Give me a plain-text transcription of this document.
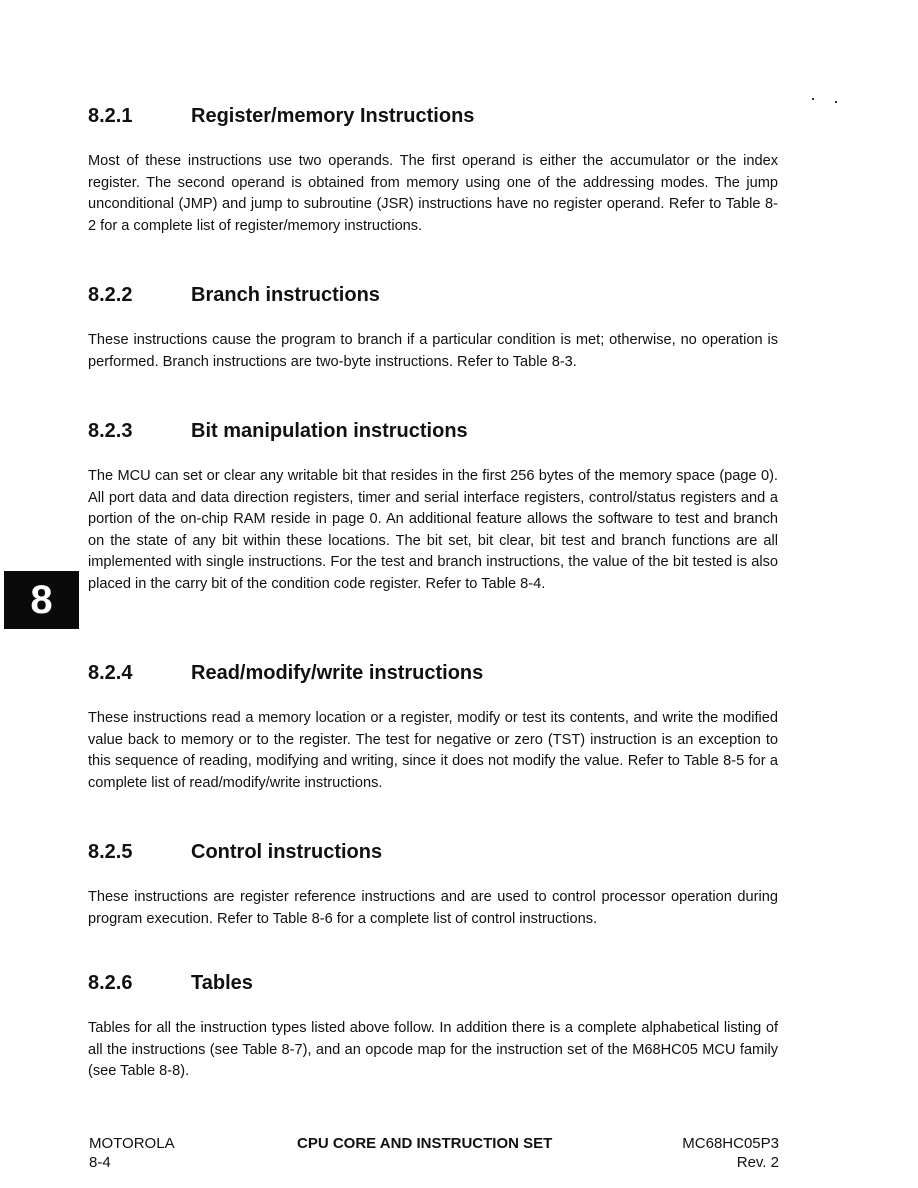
8.2.1	Register/memory Instructions

Most of these instructions use two operands. The first operand is either the accumulator or the index register. The second operand is obtained from memory using one of the addressing modes. The jump unconditional (JMP) and jump to subroutine (JSR) instructions have no register operand. Refer to Table 8-2 for a complete list of register/memory instructions.

8.2.2	Branch instructions

These instructions cause the program to branch if a particular condition is met; otherwise, no operation is performed. Branch instructions are two-byte instructions. Refer to Table 8-3.

8.2.3	Bit manipulation instructions

The MCU can set or clear any writable bit that resides in the first 256 bytes of the memory space (page 0). All port data and data direction registers, timer and serial interface registers, control/status registers and a portion of the on-chip RAM reside in page 0. An additional feature allows the software to test and branch on the state of any bit within these locations. The bit set, bit clear, bit test and branch functions are all implemented with single instructions. For the test and branch instructions, the value of the bit tested is also placed in the carry bit of the condition code register. Refer to Table 8-4.

8
8.2.4	Read/modify/write instructions

These instructions read a memory location or a register, modify or test its contents, and write the modified value back to memory or to the register. The test for negative or zero (TST) instruction is an exception to this sequence of reading, modifying and writing, since it does not modify the value. Refer to Table 8-5 for a complete list of read/modify/write instructions.

8.2.5	Control instructions

These instructions are register reference instructions and are used to control processor operation during program execution. Refer to Table 8-6 for a complete list of control instructions.

8.2.6	Tables

Tables for all the instruction types listed above follow. In addition there is a complete alphabetical listing of all the instructions (see Table 8-7), and an opcode map for the instruction set of the M68HC05 MCU family (see Table 8-8).

MOTOROLA
8-4
CPU CORE AND INSTRUCTION SET	MC68HC05P3
Rev. 2
